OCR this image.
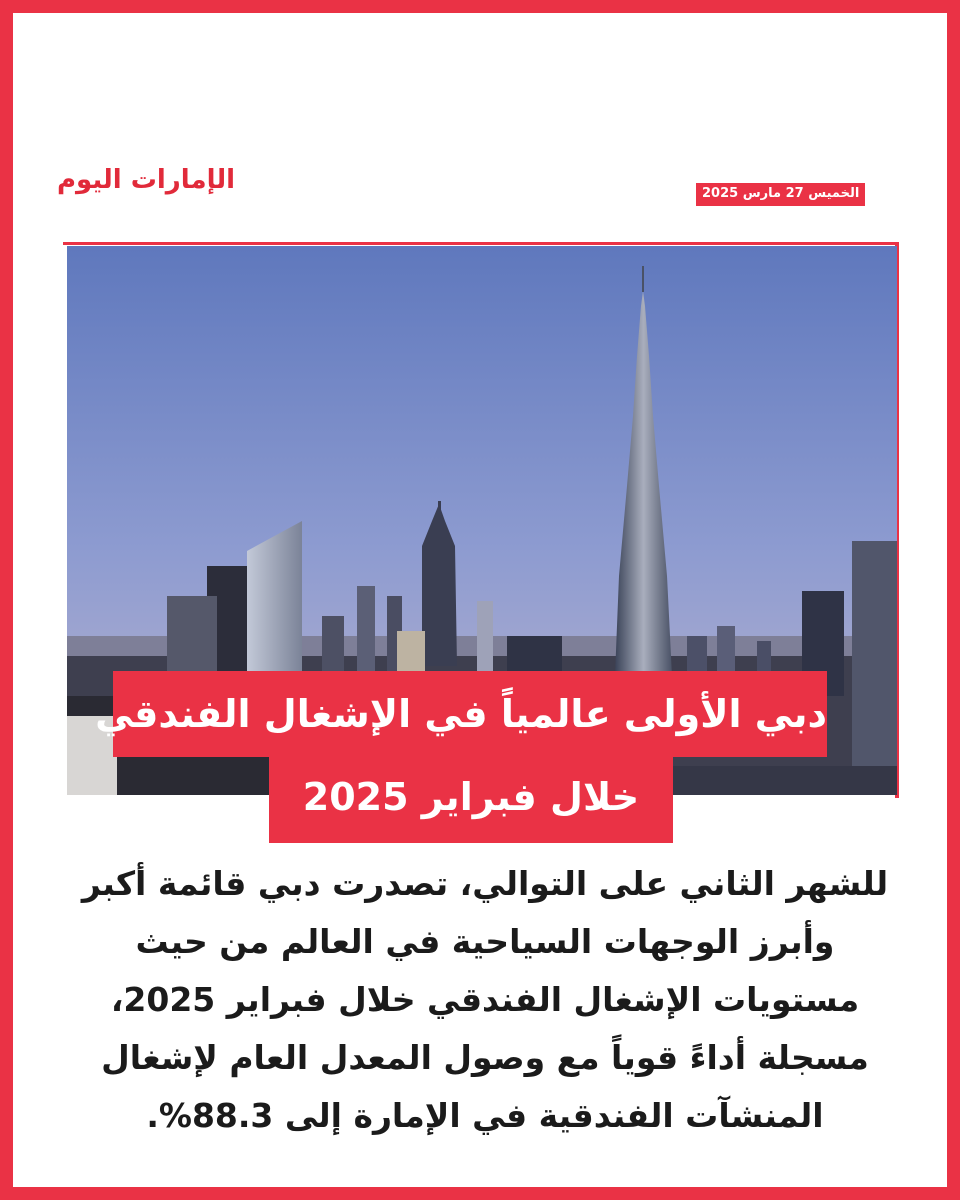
الإمارات اليوم	الخميس 27 مارس 2025
دبي الأولى عالمياً في الإشغال الفندقي
خلال فبراير 2025
للشهر الثاني على التوالي، تصدرت دبي قائمة أكبر وأبرز الوجهات السياحية في العالم من حيث مستويات الإشغال الفندقي خلال فبراير 2025، مسجلة أداءً قوياً مع وصول المعدل العام لإشغال المنشآت الفندقية في الإمارة إلى 88.3%.
